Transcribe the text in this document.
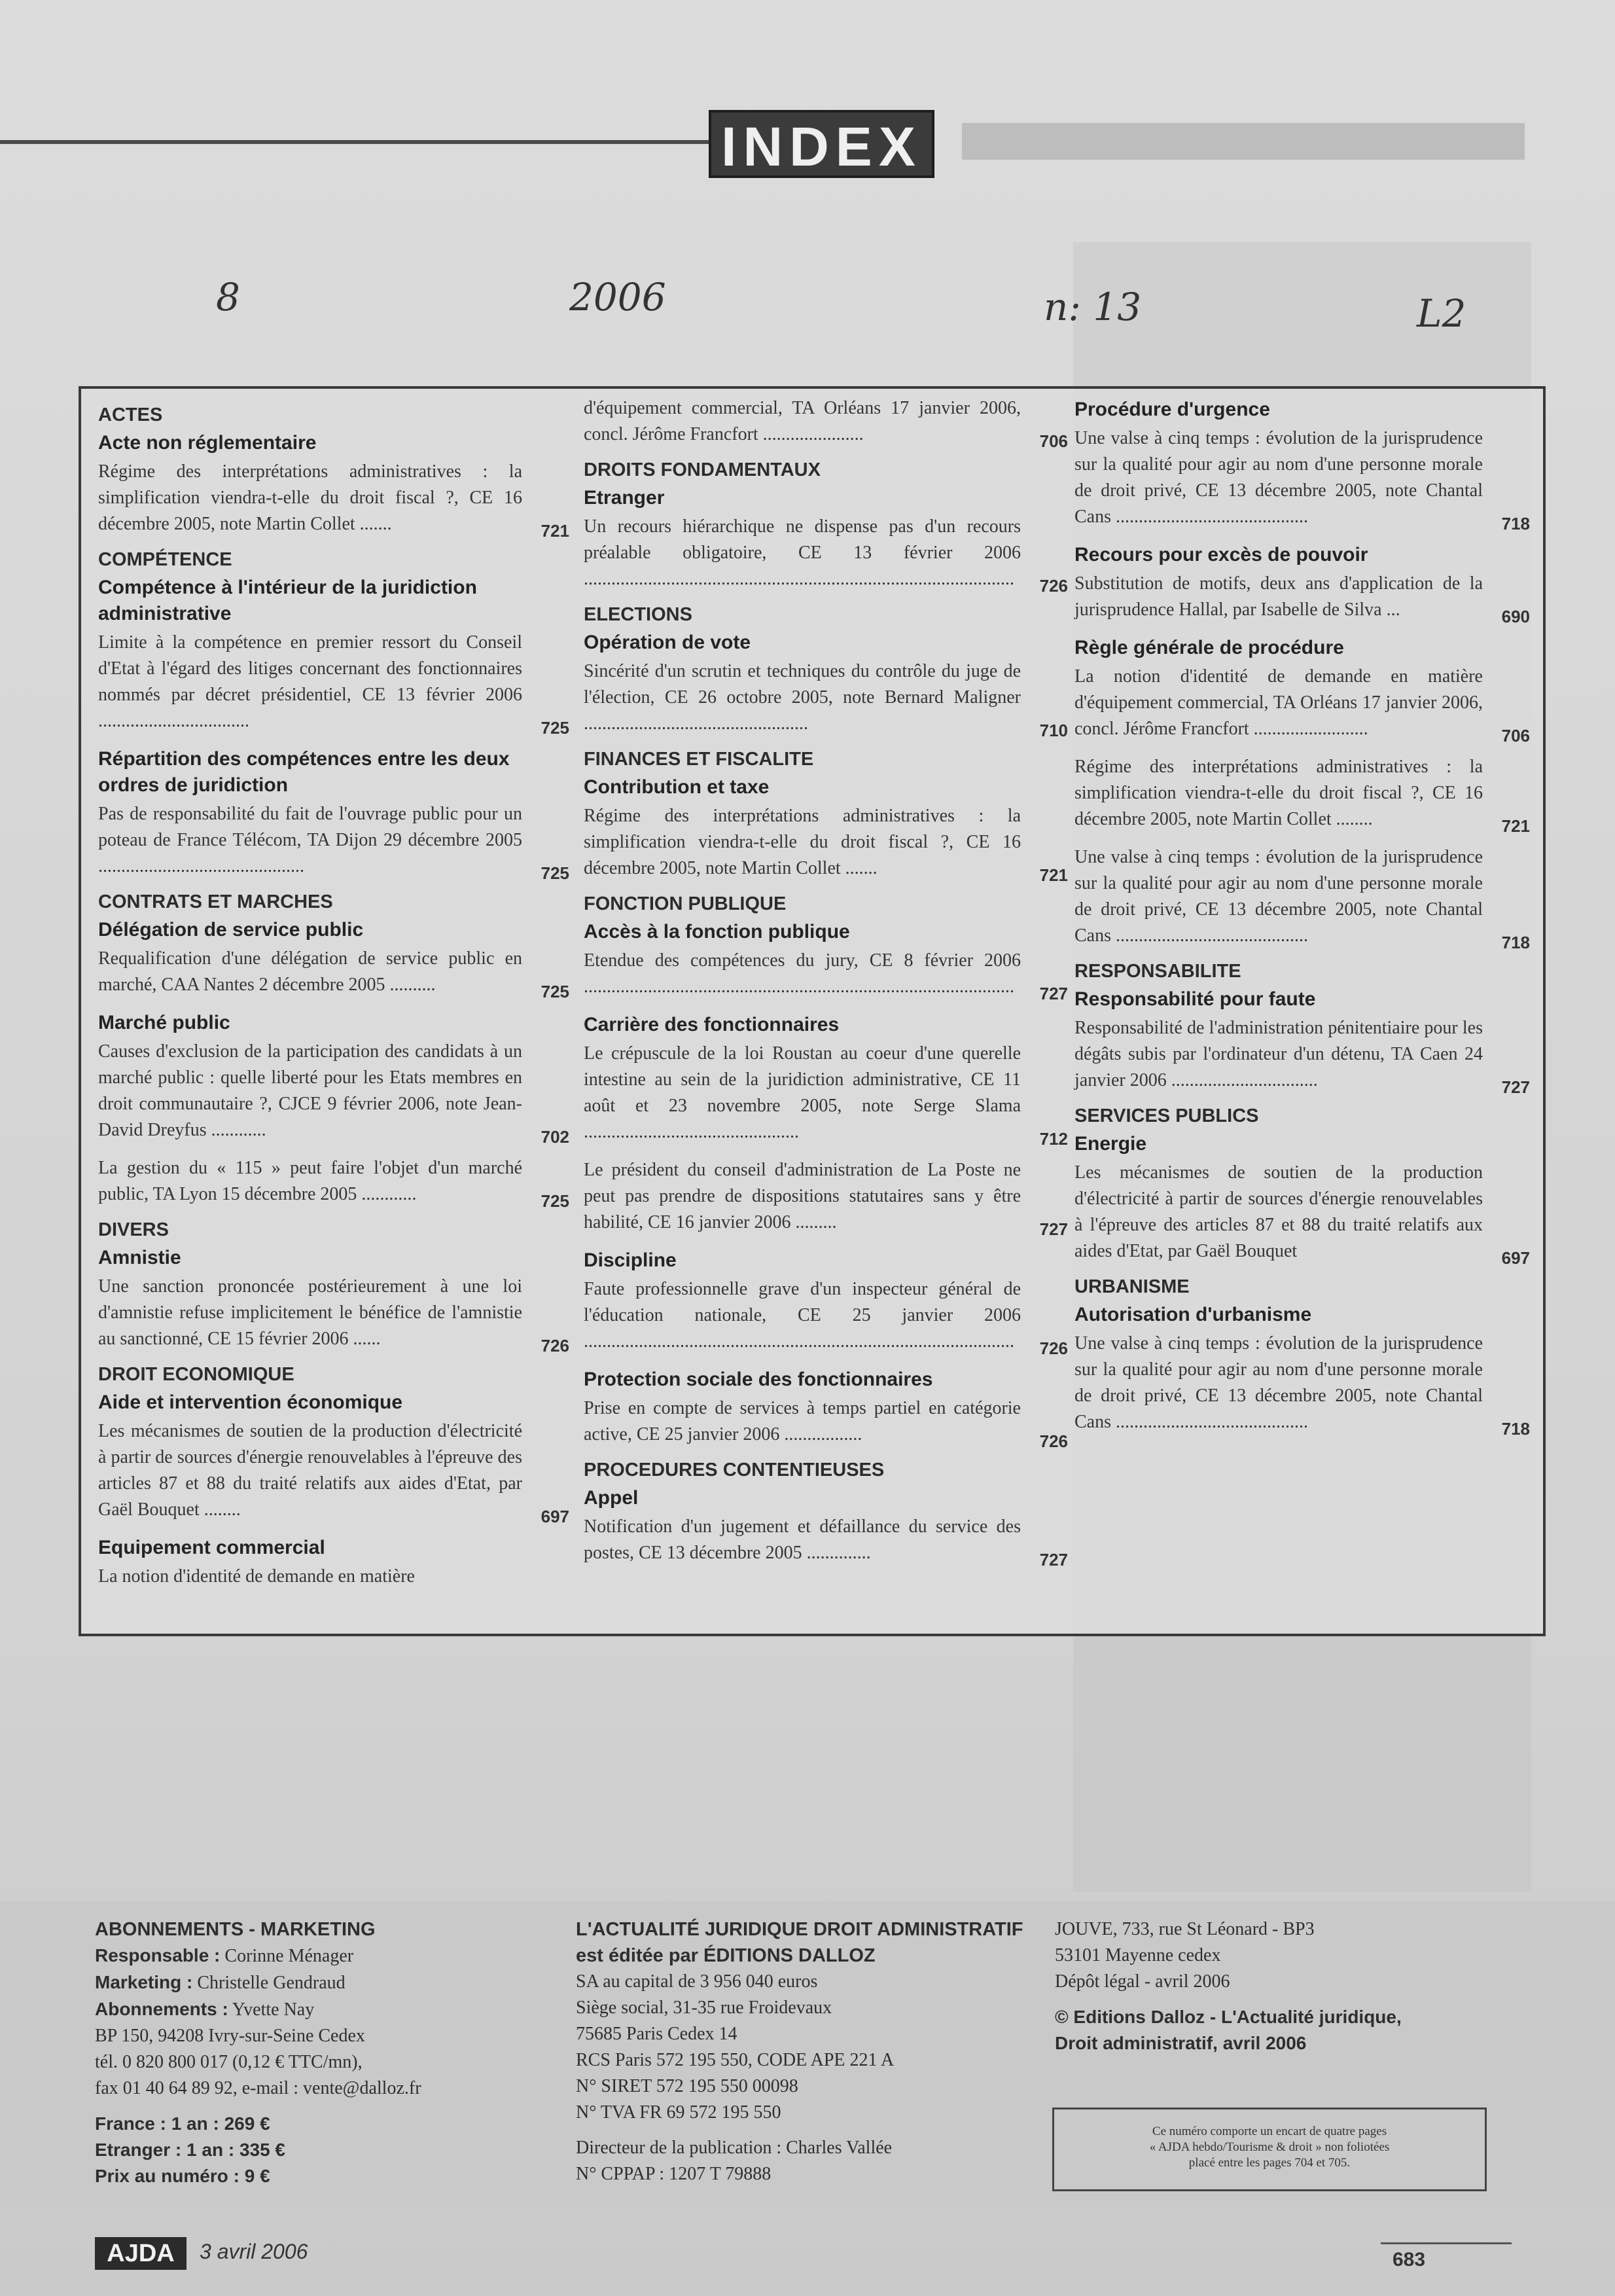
INDEX
8	2006	n: 13	L2
ACTES
Acte non réglementaire
Régime des interprétations administratives : la simplification viendra-t-elle du droit fiscal ?, CE 16 décembre 2005, note Martin Collet .......	721
COMPÉTENCE
Compétence à l'intérieur de la juridiction administrative
Limite à la compétence en premier ressort du Conseil d'Etat à l'égard des litiges concernant des fonctionnaires nommés par décret présidentiel, CE 13 février 2006 .................................	725
Répartition des compétences entre les deux ordres de juridiction
Pas de responsabilité du fait de l'ouvrage public pour un poteau de France Télécom, TA Dijon 29 décembre 2005 .............................................	725
CONTRATS ET MARCHES
Délégation de service public
Requalification d'une délégation de service public en marché, CAA Nantes 2 décembre 2005 ..........	725
Marché public
Causes d'exclusion de la participation des candidats à un marché public : quelle liberté pour les Etats membres en droit communautaire ?, CJCE 9 février 2006, note Jean-David Dreyfus ............	702
La gestion du « 115 » peut faire l'objet d'un marché public, TA Lyon 15 décembre 2005 ............	725
DIVERS
Amnistie
Une sanction prononcée postérieurement à une loi d'amnistie refuse implicitement le bénéfice de l'amnistie au sanctionné, CE 15 février 2006 ......	726
DROIT ECONOMIQUE
Aide et intervention économique
Les mécanismes de soutien de la production d'électricité à partir de sources d'énergie renouvelables à l'épreuve des articles 87 et 88 du traité relatifs aux aides d'Etat, par Gaël Bouquet ........	697
Equipement commercial
La notion d'identité de demande en matière
d'équipement commercial, TA Orléans 17 janvier 2006, concl. Jérôme Francfort ......................	706
DROITS FONDAMENTAUX
Etranger
Un recours hiérarchique ne dispense pas d'un recours préalable obligatoire, CE 13 février 2006 ..............................................................................................	726
ELECTIONS
Opération de vote
Sincérité d'un scrutin et techniques du contrôle du juge de l'élection, CE 26 octobre 2005, note Bernard Maligner .................................................	710
FINANCES ET FISCALITE
Contribution et taxe
Régime des interprétations administratives : la simplification viendra-t-elle du droit fiscal ?, CE 16 décembre 2005, note Martin Collet .......	721
FONCTION PUBLIQUE
Accès à la fonction publique
Etendue des compétences du jury, CE 8 février 2006 ..............................................................................................	727
Carrière des fonctionnaires
Le crépuscule de la loi Roustan au coeur d'une querelle intestine au sein de la juridiction administrative, CE 11 août et 23 novembre 2005, note Serge Slama ...............................................	712
Le président du conseil d'administration de La Poste ne peut pas prendre de dispositions statutaires sans y être habilité, CE 16 janvier 2006 .........	727
Discipline
Faute professionnelle grave d'un inspecteur général de l'éducation nationale, CE 25 janvier 2006 ..............................................................................................	726
Protection sociale des fonctionnaires
Prise en compte de services à temps partiel en catégorie active, CE 25 janvier 2006 .................	726
PROCEDURES CONTENTIEUSES
Appel
Notification d'un jugement et défaillance du service des postes, CE 13 décembre 2005 ..............	727
Procédure d'urgence
Une valse à cinq temps : évolution de la jurisprudence sur la qualité pour agir au nom d'une personne morale de droit privé, CE 13 décembre 2005, note Chantal Cans ..........................................	718
Recours pour excès de pouvoir
Substitution de motifs, deux ans d'application de la jurisprudence Hallal, par Isabelle de Silva ...	690
Règle générale de procédure
La notion d'identité de demande en matière d'équipement commercial, TA Orléans 17 janvier 2006, concl. Jérôme Francfort .........................	706
Régime des interprétations administratives : la simplification viendra-t-elle du droit fiscal ?, CE 16 décembre 2005, note Martin Collet ........	721
Une valse à cinq temps : évolution de la jurisprudence sur la qualité pour agir au nom d'une personne morale de droit privé, CE 13 décembre 2005, note Chantal Cans ..........................................	718
RESPONSABILITE
Responsabilité pour faute
Responsabilité de l'administration pénitentiaire pour les dégâts subis par l'ordinateur d'un détenu, TA Caen 24 janvier 2006 ................................	727
SERVICES PUBLICS
Energie
Les mécanismes de soutien de la production d'électricité à partir de sources d'énergie renouvelables à l'épreuve des articles 87 et 88 du traité relatifs aux aides d'Etat, par Gaël Bouquet	697
URBANISME
Autorisation d'urbanisme
Une valse à cinq temps : évolution de la jurisprudence sur la qualité pour agir au nom d'une personne morale de droit privé, CE 13 décembre 2005, note Chantal Cans ..........................................	718
ABONNEMENTS - MARKETING
Responsable : Corinne Ménager
Marketing : Christelle Gendraud
Abonnements : Yvette Nay
BP 150, 94208 Ivry-sur-Seine Cedex
tél. 0 820 800 017 (0,12 € TTC/mn),
fax 01 40 64 89 92, e-mail : vente@dalloz.fr
France : 1 an : 269 €
Etranger : 1 an : 335 €
Prix au numéro : 9 €
L'ACTUALITÉ JURIDIQUE DROIT ADMINISTRATIF
est éditée par ÉDITIONS DALLOZ
SA au capital de 3 956 040 euros
Siège social, 31-35 rue Froidevaux
75685 Paris Cedex 14
RCS Paris 572 195 550, CODE APE 221 A
N° SIRET 572 195 550 00098
N° TVA FR 69 572 195 550
Directeur de la publication : Charles Vallée
N° CPPAP : 1207 T 79888
JOUVE, 733, rue St Léonard - BP3
53101 Mayenne cedex
Dépôt légal - avril 2006
© Editions Dalloz - L'Actualité juridique,
Droit administratif, avril 2006
Ce numéro comporte un encart de quatre pages
« AJDA hebdo/Tourisme & droit » non foliotées
placé entre les pages 704 et 705.
AJDA	3 avril 2006	683
